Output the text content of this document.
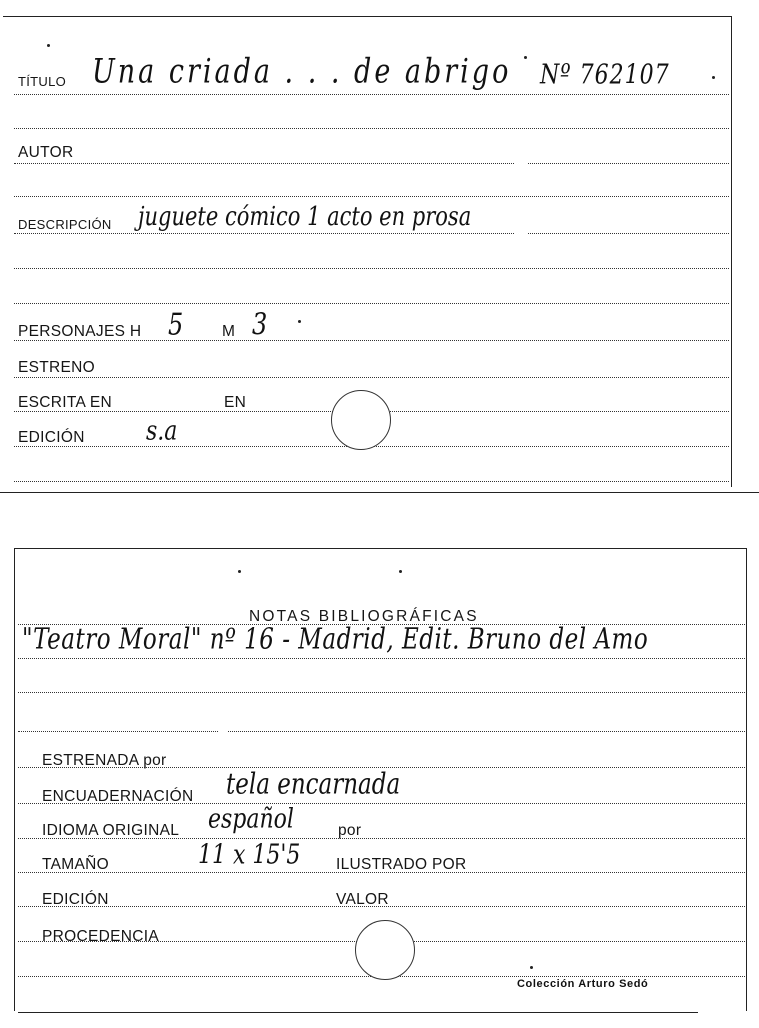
TÍTULO Una criada . . . de abrigo Nº 762107
AUTOR
DESCRIPCIÓN juguete cómico 1 acto en prosa
PERSONAJES H 5 M 3
ESTRENO
ESCRITA EN	EN
EDICIÓN	s.a
NOTAS BIBLIOGRÁFICAS
"Teatro Moral" nº 16 - Madrid, Edit. Bruno del Amo
ESTRENADA por
ENCUADERNACIÓN tela encarnada
IDIOMA ORIGINAL español	por
TAMAÑO	11 x 15'5 ILUSTRADO POR
EDICIÓN	VALOR
PROCEDENCIA
Colección Arturo Sedó
